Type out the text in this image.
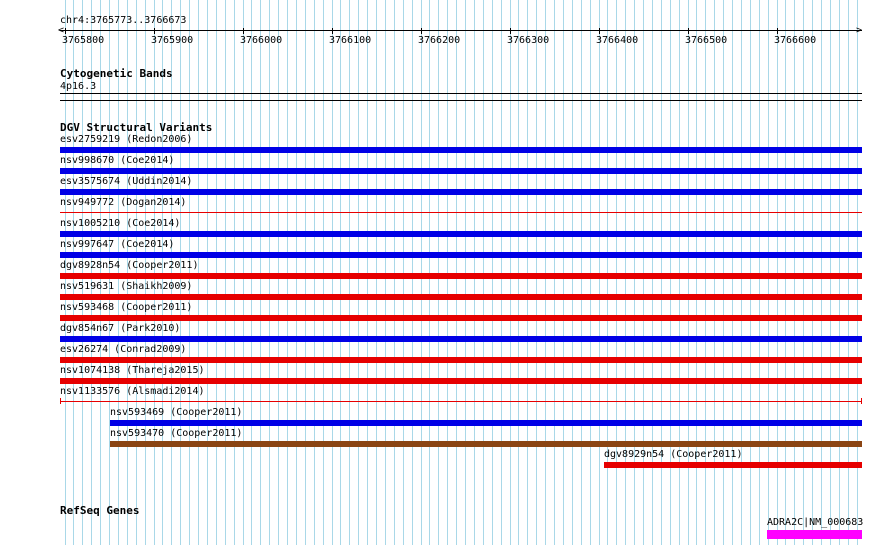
chr4:3765773..3766673
<	>
3765800	3765900	3766000	3766100	3766200	3766300	3766400	3766500	3766600
Cytogenetic Bands
4p16.3
DGV Structural Variants
esv2759219 (Redon2006)
nsv998670 (Coe2014)
esv3575674 (Uddin2014)
nsv949772 (Dogan2014)
nsv1005210 (Coe2014)
nsv997647 (Coe2014)
dgv8928n54 (Cooper2011)
nsv519631 (Shaikh2009)
nsv593468 (Cooper2011)
dgv854n67 (Park2010)
esv26274 (Conrad2009)
nsv1074138 (Thareja2015)
nsv1133576 (Alsmadi2014)
nsv593469 (Cooper2011)
nsv593470 (Cooper2011)
dgv8929n54 (Cooper2011)
RefSeq Genes
ADRA2C|NM_000683
